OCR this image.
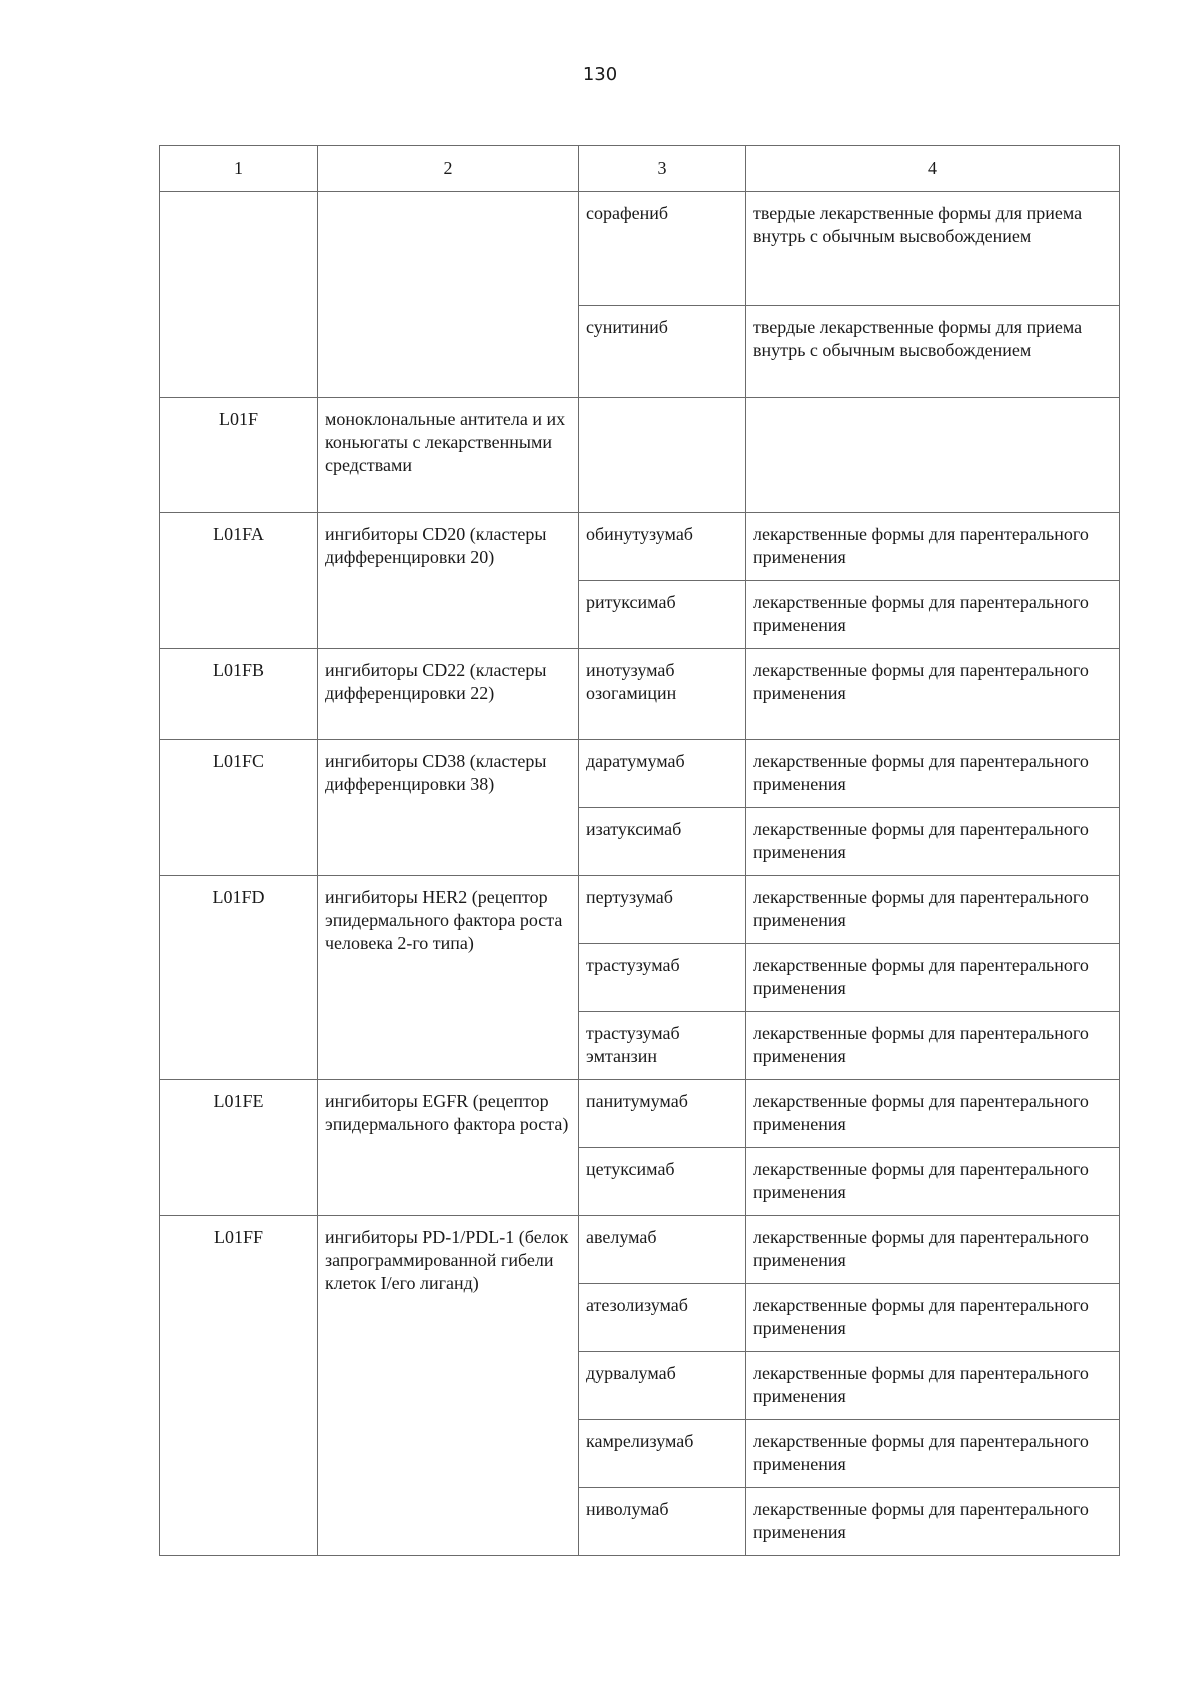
130
1	2	3	4
		сорафениб	твердые лекарственные формы для приема внутрь с обычным высвобождением
		сунитиниб	твердые лекарственные формы для приема внутрь с обычным высвобождением
L01F	моноклональные антитела и их коньюгаты с лекарственными средствами		
L01FA	ингибиторы CD20 (кластеры дифференцировки 20)	обинутузумаб	лекарственные формы для парентерального применения
		ритуксимаб	лекарственные формы для парентерального применения
L01FB	ингибиторы CD22 (кластеры дифференцировки 22)	инотузумаб озогамицин	лекарственные формы для парентерального применения
L01FC	ингибиторы CD38 (кластеры дифференцировки 38)	даратумумаб	лекарственные формы для парентерального применения
		изатуксимаб	лекарственные формы для парентерального применения
L01FD	ингибиторы HER2 (рецептор эпидермального фактора роста человека 2-го типа)	пертузумаб	лекарственные формы для парентерального применения
		трастузумаб	лекарственные формы для парентерального применения
		трастузумаб эмтанзин	лекарственные формы для парентерального применения
L01FE	ингибиторы EGFR (рецептор эпидермального фактора роста)	панитумумаб	лекарственные формы для парентерального применения
		цетуксимаб	лекарственные формы для парентерального применения
L01FF	ингибиторы PD-1/PDL-1 (белок запрограммированной гибели клеток I/его лиганд)	авелумаб	лекарственные формы для парентерального применения
		атезолизумаб	лекарственные формы для парентерального применения
		дурвалумаб	лекарственные формы для парентерального применения
		камрелизумаб	лекарственные формы для парентерального применения
		ниволумаб	лекарственные формы для парентерального применения
